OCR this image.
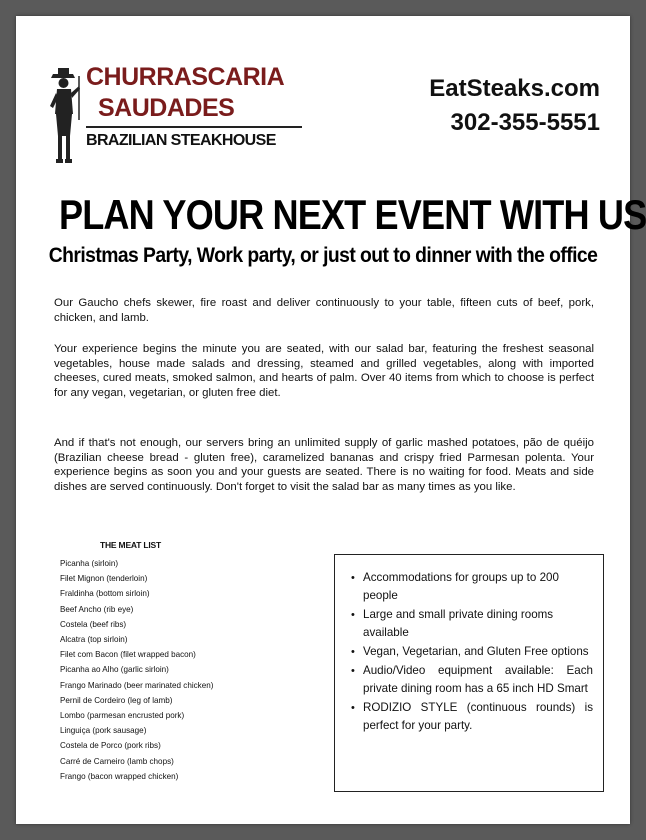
CHURRASCARIA
SAUDADES
BRAZILIAN STEAKHOUSE
EatSteaks.com
302-355-5551
PLAN YOUR NEXT EVENT WITH US
Christmas Party, Work party, or just out to dinner with the office
Our Gaucho chefs skewer, fire roast and deliver continuously to your table, fifteen cuts of beef, pork, chicken, and lamb.
Your experience begins the minute you are seated, with our salad bar, featuring the freshest seasonal vegetables, house made salads and dressing, steamed and grilled vegetables, along with imported cheeses, cured meats, smoked salmon, and hearts of palm. Over 40 items from which to choose is perfect for any vegan, vegetarian, or gluten free diet.
And if that's not enough, our servers bring an unlimited supply of garlic mashed potatoes, pão de quéijo (Brazilian cheese bread - gluten free), caramelized bananas and crispy fried Parmesan polenta. Your experience begins as soon you and your guests are seated. There is no waiting for food. Meats and side dishes are served continuously. Don't forget to visit the salad bar as many times as you like.
THE MEAT LIST
Picanha (sirloin)
Filet Mignon (tenderloin)
Fraldinha (bottom sirloin)
Beef Ancho (rib eye)
Costela (beef ribs)
Alcatra (top sirloin)
Filet com Bacon (filet wrapped bacon)
Picanha ao Alho (garlic sirloin)
Frango Marinado (beer marinated chicken)
Pernil de Cordeiro (leg of lamb)
Lombo (parmesan encrusted pork)
Linguiça (pork sausage)
Costela de Porco (pork ribs)
Carré de Carneiro (lamb chops)
Frango (bacon wrapped chicken)
• Accommodations for groups up to 200 people
• Large and small private dining rooms available
• Vegan, Vegetarian, and Gluten Free options
• Audio/Video equipment available: Each private dining room has a 65 inch HD Smart
• RODIZIO STYLE (continuous rounds) is perfect for your party.
